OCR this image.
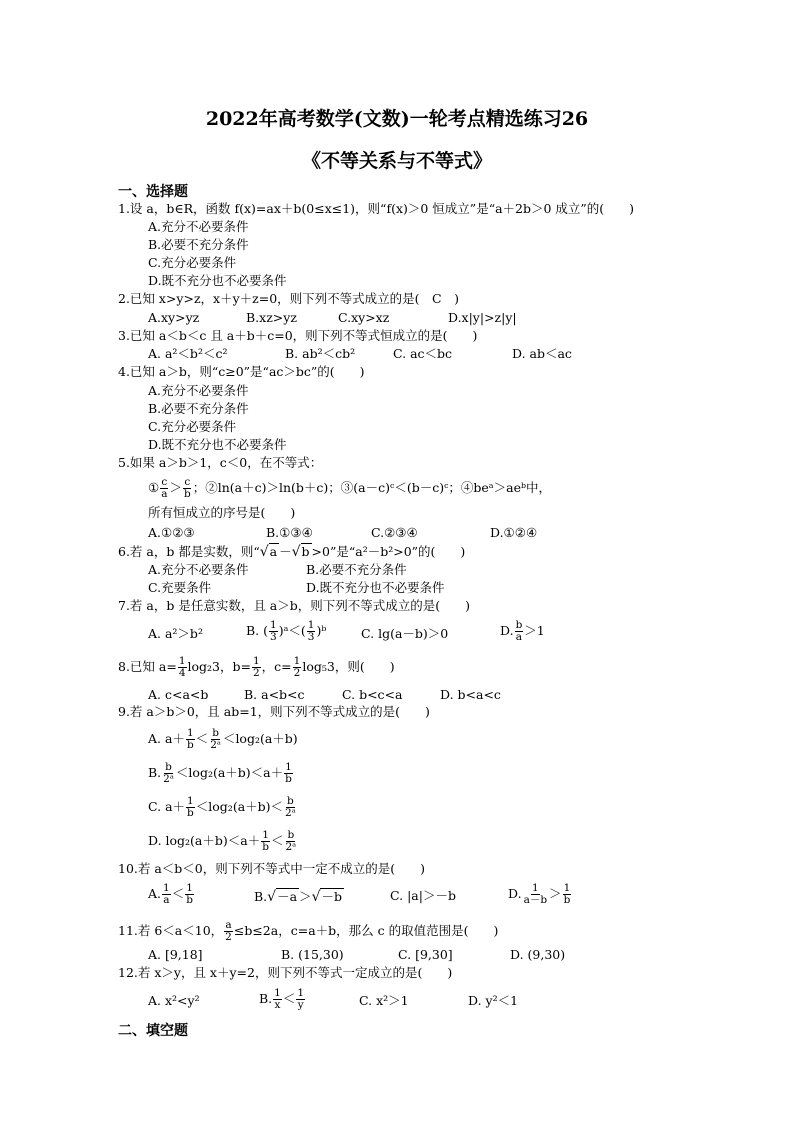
2022年高考数学(文数)一轮考点精选练习26
《不等关系与不等式》
一、选择题
1.设 a，b∈R，函数 f(x)=ax＋b(0≤x≤1)，则“f(x)＞0 恒成立”是“a＋2b＞0 成立”的(　　)
A.充分不必要条件
B.必要不充分条件
C.充分必要条件
D.既不充分也不必要条件
2.已知 x>y>z，x＋y＋z=0，则下列不等式成立的是(　C　)
A.xy>yz	B.xz>yz	C.xy>xz	D.x|y|>z|y|
3.已知 a＜b＜c 且 a＋b＋c=0，则下列不等式恒成立的是(　　)
A. a²＜b²＜c²	B. ab²＜cb²	C. ac＜bc	D. ab＜ac
4.已知 a＞b，则“c≥0”是“ac＞bc”的(　　)
A.充分不必要条件
B.必要不充分条件
C.充分必要条件
D.既不充分也不必要条件
5.如果 a＞b＞1，c＜0，在不等式：
① $\frac{c}{a} > \frac{c}{b}$ ；②ln(a＋c)＞ln(b＋c)；③(a－c)ᶜ＜(b－c)ᶜ；④beᵃ＞aeᵇ中，
所有恒成立的序号是(　　)
A.①②③	B.①③④	C.②③④	D.①②④
6.若 a，b 都是实数，则“√a －√b >0”是“a²－b²>0”的(　　)
A.充分不必要条件	B.必要不充分条件
C.充要条件	D.既不充分也不必要条件
7.若 a，b 是任意实数，且 a＞b，则下列不等式成立的是(　　)
A. a²＞b²	B. ( $\frac{1}{3}$ )ᵃ＜( $\frac{1}{3}$ )ᵇ	C. lg(a－b)＞0	D. $\frac{b}{a} >1$
8.已知 $a= \frac{1}{4} \log_23$，$b= \frac{1}{2}$ ，$c= \frac{1}{2} \log_53$，则(　　)
A. c<a<b	B. a<b<c	C. b<c<a	D. b<a<c
9.若 a＞b＞0，且 ab=1，则下列不等式成立的是(　　)
A. $a+ \frac{1}{b} < \frac{b}{\text{2ᵃ}} <\log_2(a+b)$
B. $\frac{b}{\text{2ᵃ}} <\log_2(a+b)<a+ \frac{1}{b}$
C. $a+ \frac{1}{b} <\log_2(a+b)< \frac{b}{\text{2ᵃ}}$
D. $\log_2(a+b)<a+ \frac{1}{b} < \frac{b}{\text{2ᵃ}}$
10.若 a＜b＜0，则下列不等式中一定不成立的是(　　)
A. $\frac{1}{a} < \frac{1}{b}$	B.√－a ＞√－b	C. |a|＞－b	D. $\frac{1}{a-b} > \frac{1}{b}$
11.若 6＜a＜10， $\frac{a}{2} \le b\le 2a$，c=a＋b，那么 c 的取值范围是(　　)
A. [9,18]	B. (15,30)	C. [9,30]	D. (9,30)
12.若 x＞y，且 x＋y=2，则下列不等式一定成立的是(　　)
A. x²<y²	B. $\frac{1}{x} < \frac{1}{y}$	C. x²＞1	D. y²＜1
二、填空题
